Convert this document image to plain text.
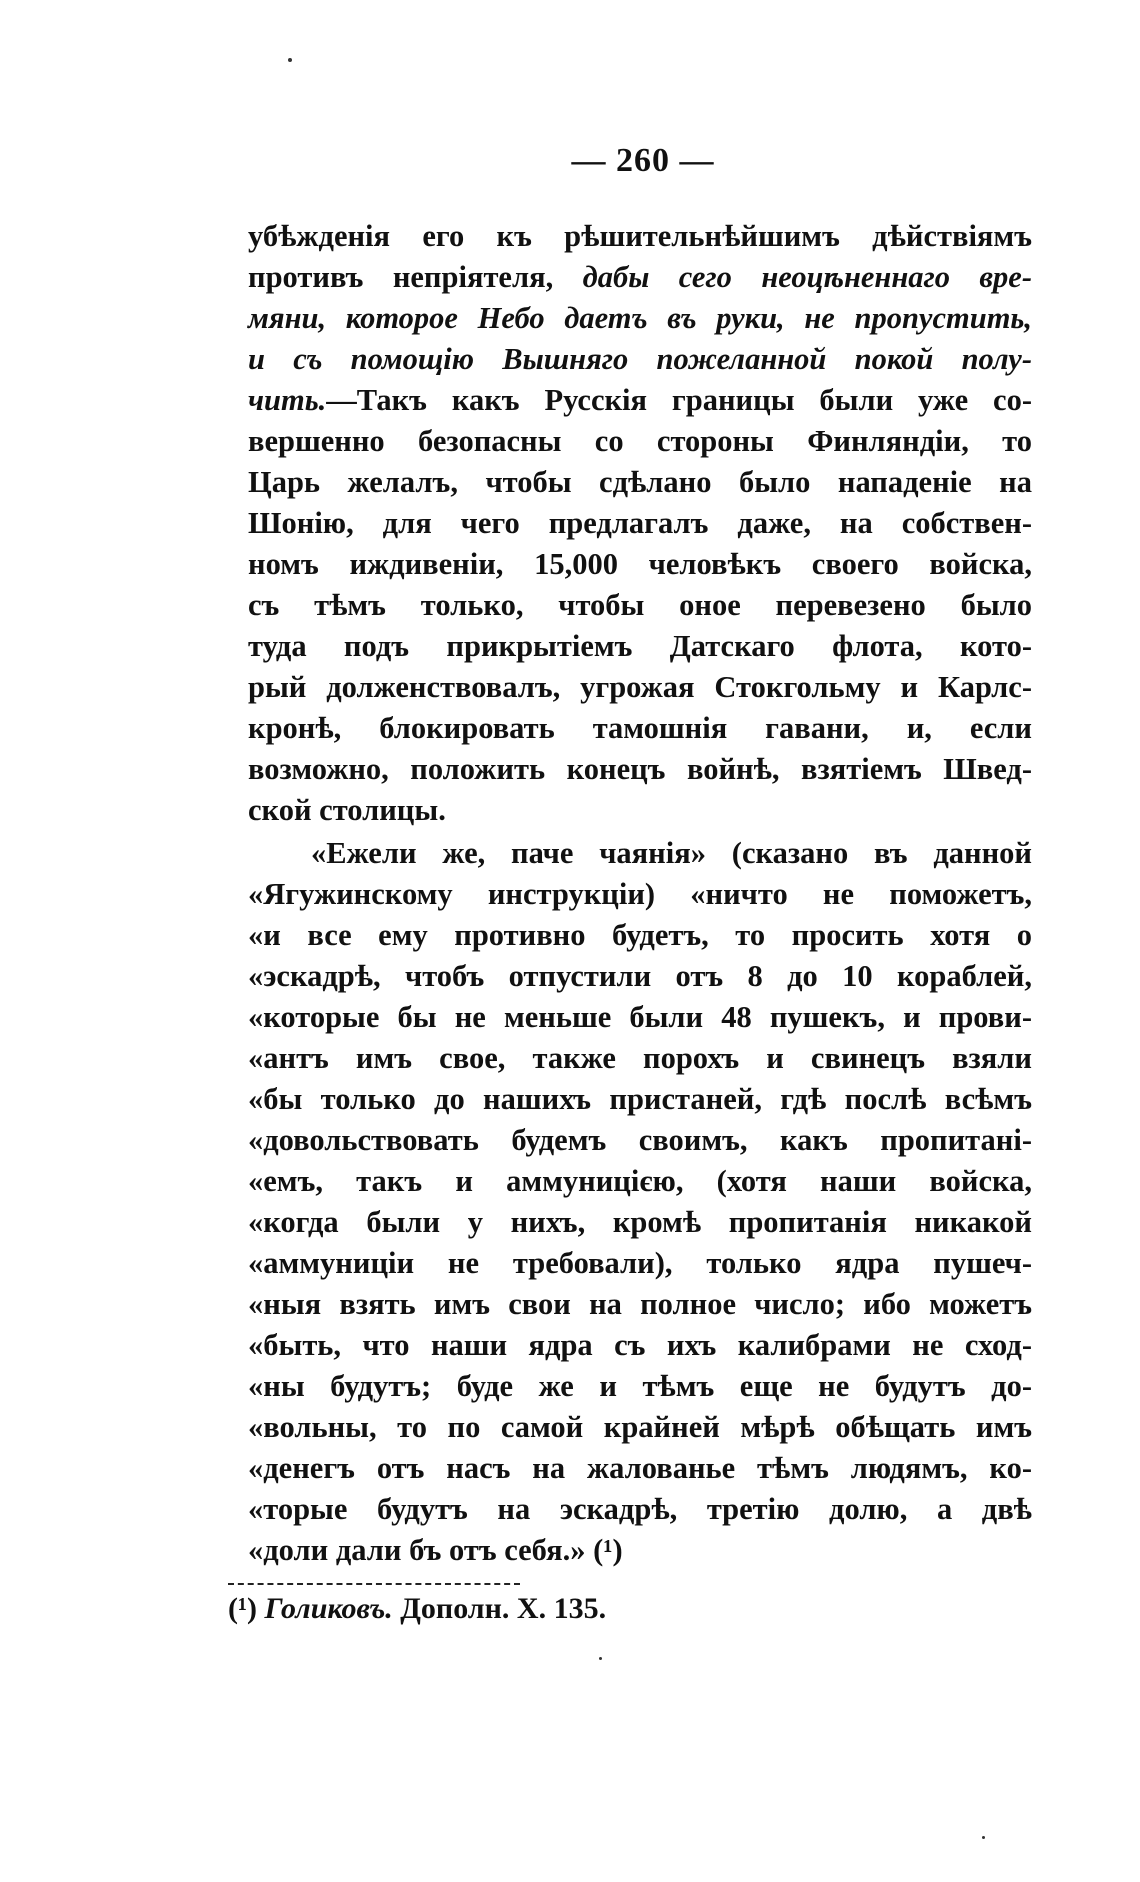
— 260 —
убѣжденія его къ рѣшительнѣйшимъ дѣйствіямъ
противъ непріятеля, дабы сего неоцѣненнаго вре-
мяни, которое Небо даетъ въ руки, не пропустить,
и съ помощію Вышняго пожеланной покой полу-
чить.—Такъ какъ Русскія границы были уже со-
вершенно безопасны со стороны Финляндіи, то
Царь желалъ, чтобы сдѣлано было нападеніе на
Шонію, для чего предлагалъ даже, на собствен-
номъ иждивеніи, 15,000 человѣкъ своего войска,
съ тѣмъ только, чтобы оное перевезено было
туда подъ прикрытіемъ Датскаго флота, кото-
рый долженствовалъ, угрожая Стокгольму и Карлс-
кронѣ, блокировать тамошнія гавани, и, если
возможно, положить конецъ войнѣ, взятіемъ Швед-
ской столицы.
«Ежели же, паче чаянія» (сказано въ данной
«Ягужинскому инструкціи) «ничто не поможетъ,
«и все ему противно будетъ, то просить хотя о
«эскадрѣ, чтобъ отпустили отъ 8 до 10 кораблей,
«которые бы не меньше были 48 пушекъ, и прови-
«антъ имъ свое, также порохъ и свинецъ взяли
«бы только до нашихъ пристаней, гдѣ послѣ всѣмъ
«довольствовать будемъ своимъ, какъ пропитані-
«емъ, такъ и аммуницією, (хотя наши войска,
«когда были у нихъ, кромѣ пропитанія никакой
«аммуниціи не требовали), только ядра пушеч-
«ныя взять имъ свои на полное число; ибо можетъ
«быть, что наши ядра съ ихъ калибрами не сход-
«ны будутъ; буде же и тѣмъ еще не будутъ до-
«вольны, то по самой крайней мѣрѣ обѣщать имъ
«денегъ отъ насъ на жалованье тѣмъ людямъ, ко-
«торые будутъ на эскадрѣ, третію долю, а двѣ
«доли дали бъ отъ себя.» (¹)
(¹) Голиковъ. Дополн. X. 135.
